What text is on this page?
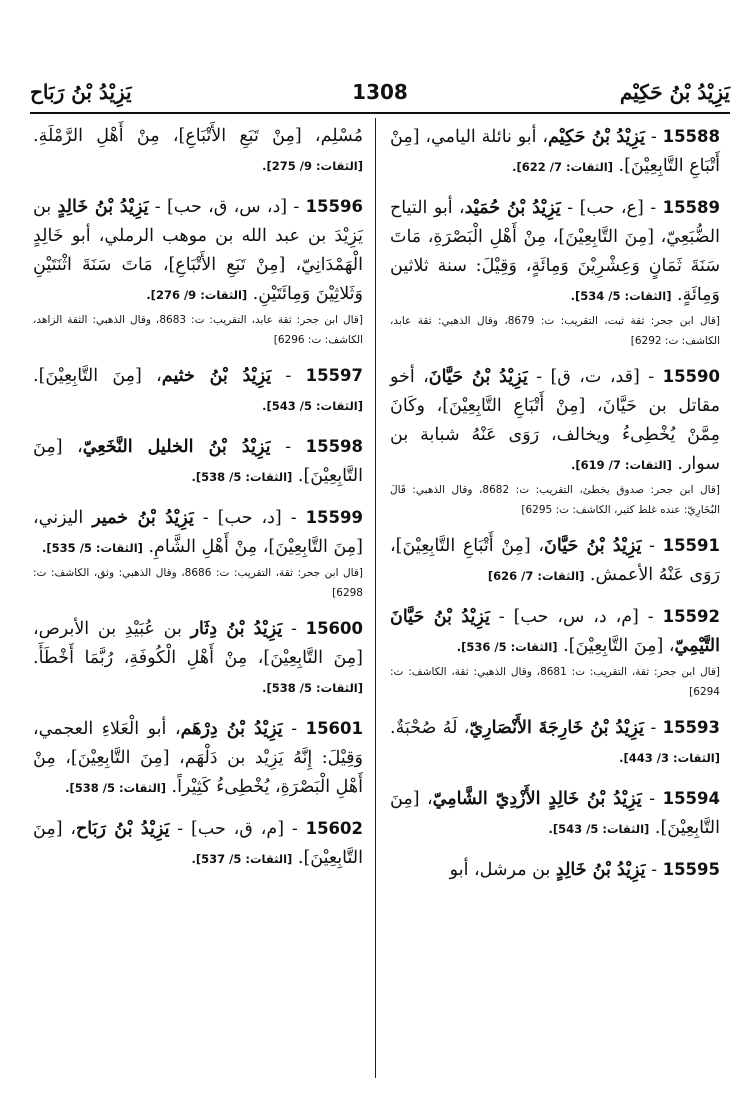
يَزِيْدُ بْنُ حَكِيْم
1308
يَزِيْدُ بْنُ رَبَاح

15588 - يَزِيْدُ بْنُ حَكِيْم، أبو نائلة اليامي، [مِنْ أَتْبَاعِ التَّابِعِيْنَ]. [الثقات: 7/ 622].

15589 - [ع، حب] - يَزِيْدُ بْنُ حُمَيْد، أبو التياح الضُّبَعِيّ، [مِنَ التَّابِعِيْنَ]، مِنْ أَهْلِ الْبَصْرَةِ، مَاتَ سَنَةَ ثَمَانٍ وَعِشْرِيْنَ وَمِائَةٍ، وَقِيْلَ: سنة ثلاثين وَمِائَةٍ. [الثقات: 5/ 534].

[قال ابن جحر: ثقة ثبت، التقريب: ت: 8679، وقال الذهبي: ثقة عابد، الكاشف: ت: 6292]

15590 - [قد، ت، ق] - يَزِيْدُ بْنُ حَيَّانَ، أخو مقاتل بن حَيَّانَ، [مِنْ أَتْبَاعِ التَّابِعِيْنَ]، وكَانَ مِمَّنْ يُخْطِىءُ ويخالف، رَوَى عَنْهُ شبابة بن سوار. [الثقات: 7/ 619].

[قال ابن جحر: صدوق يخطئ، التقريب: ت: 8682، وقال الذهبي: قَالَ البُخَارِيّ: عنده غلط كثير، الكاشف: ت: 6295]

15591 - يَزِيْدُ بْنُ حَيَّانَ، [مِنْ أَتْبَاعِ التَّابِعِيْنَ]، رَوَى عَنْهُ الأعمش. [الثقات: 7/ 626]

15592 - [م، د، س، حب] - يَزِيْدُ بْنُ حَيَّانَ التَّيْمِيّ، [مِنَ التَّابِعِيْنَ]. [الثقات: 5/ 536].

[قال ابن جحر: ثقة، التقريب: ت: 8681، وقال الذهبي: ثقة، الكاشف: ت: 6294]

15593 - يَزِيْدُ بْنُ خَارِجَةَ الأَنْصَارِيّ، لَهُ صُحْبَةٌ. [الثقات: 3/ 443].

15594 - يَزِيْدُ بْنُ خَالِدٍ الأَزْدِيّ الشَّامِيّ، [مِنَ التَّابِعِيْنَ]. [الثقات: 5/ 543].

15595 - يَزِيْدُ بْنُ خَالِدٍ بن مرشل، أبو

مُسْلِم، [مِنْ تَبَعِ الأَتْبَاعِ]، مِنْ أَهْلِ الرَّمْلَةِ. [الثقات: 9/ 275].

15596 - [د، س، ق، حب] - يَزِيْدُ بْنُ خَالِدٍ بن يَزِيْدَ بن عبد الله بن موهب الرملي، أبو خَالِدٍ الْهَمْدَانِيّ، [مِنْ تَبَعِ الأَتْبَاعِ]، مَاتَ سَنَةَ اثْنَتَيْنِ وَثَلاثِيْنَ وَمِائَتَيْنِ. [الثقات: 9/ 276].

[قال ابن جحر: ثقة عابد، التقريب: ت: 8683، وقال الذهبي: الثقة الزاهد، الكاشف: ت: 6296]

15597 - يَزِيْدُ بْنُ خثيم، [مِنَ التَّابِعِيْنَ]. [الثقات: 5/ 543].

15598 - يَزِيْدُ بْنُ الخليل النَّخَعِيّ، [مِنَ التَّابِعِيْنَ]. [الثقات: 5/ 538].

15599 - [د، حب] - يَزِيْدُ بْنُ خمير اليزني، [مِنَ التَّابِعِيْنَ]، مِنْ أَهْلِ الشَّامِ. [الثقات: 5/ 535].

[قال ابن جحر: ثقة، التقريب: ت: 8686، وقال الذهبي: وثق، الكاشف: ت: 6298]

15600 - يَزِيْدُ بْنُ دِثَار بن عُبَيْدِ بن الأبرص، [مِنَ التَّابِعِيْنَ]، مِنْ أَهْلِ الْكُوفَةِ، رُبَّمَا أَخْطَأَ. [الثقات: 5/ 538].

15601 - يَزِيْدُ بْنُ دِرْهَم، أبو الْعَلاءِ العجمي، وَقِيْلَ: إِنَّهُ يَزِيْد بن دَلْهَم، [مِنَ التَّابِعِيْنَ]، مِنْ أَهْلِ الْبَصْرَةِ، يُخْطِىءُ كَثِيْراً. [الثقات: 5/ 538].

15602 - [م، ق، حب] - يَزِيْدُ بْنُ رَبَاح، [مِنَ التَّابِعِيْنَ]. [الثقات: 5/ 537].
